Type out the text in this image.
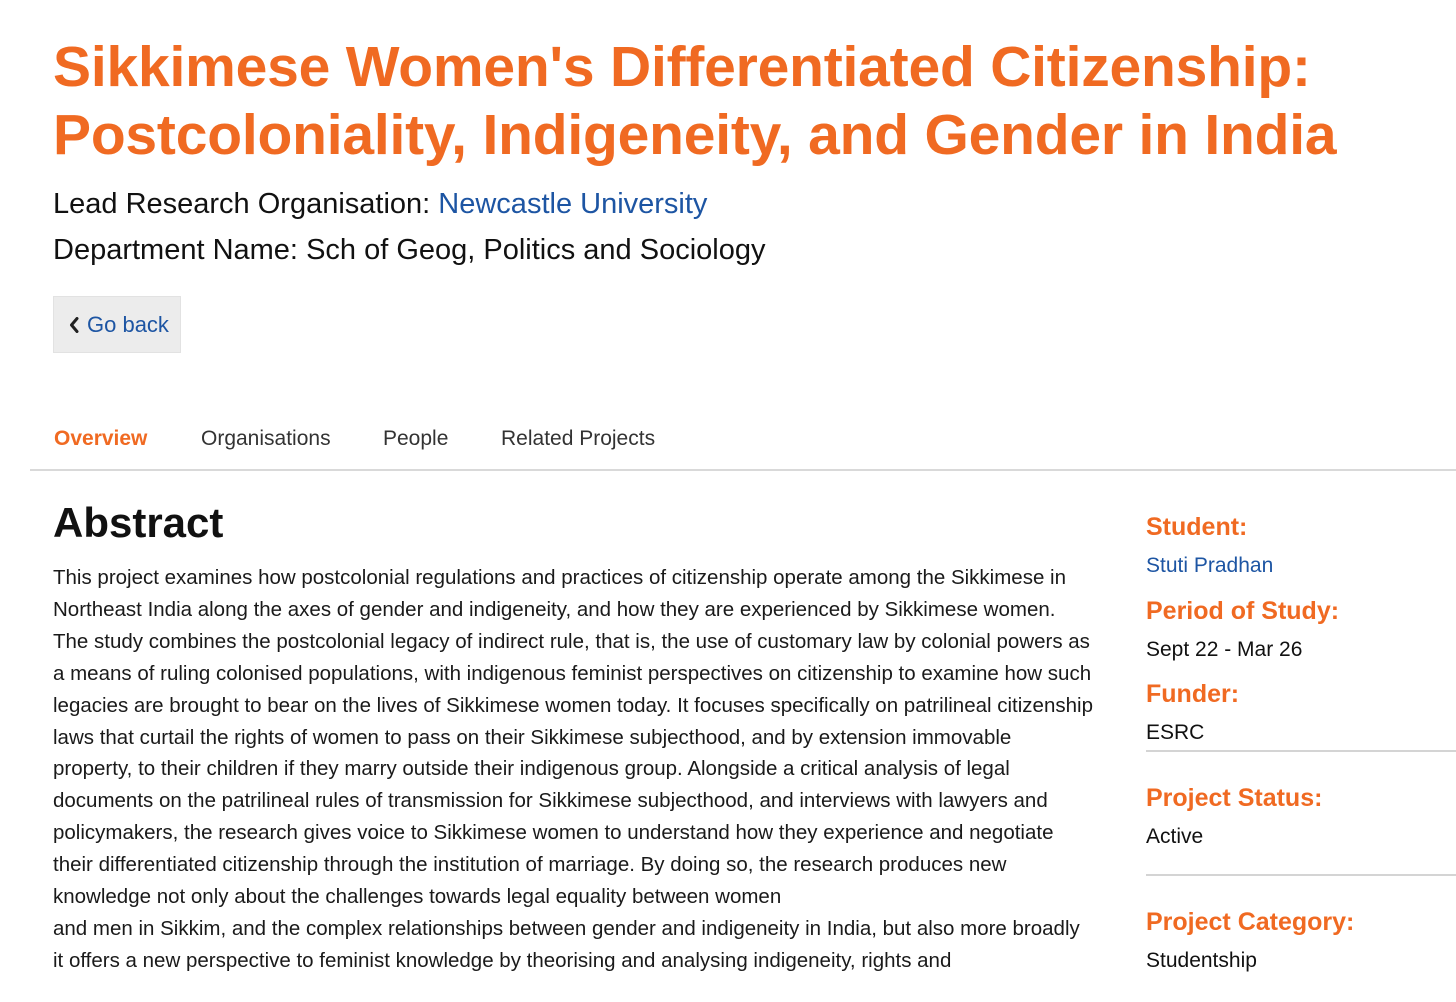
Sikkimese Women's Differentiated Citizenship: Postcoloniality, Indigeneity, and Gender in India
Lead Research Organisation: Newcastle University
Department Name: Sch of Geog, Politics and Sociology
Go back
Overview	Organisations People	Related Projects
Abstract

This project examines how postcolonial regulations and practices of citizenship operate among the Sikkimese in Northeast India along the axes of gender and indigeneity, and how they are experienced by Sikkimese women. The study combines the postcolonial legacy of indirect rule, that is, the use of customary law by colonial powers as a means of ruling colonised populations, with indigenous feminist perspectives on citizenship to examine how such legacies are brought to bear on the lives of Sikkimese women today. It focuses specifically on patrilineal citizenship laws that curtail the rights of women to pass on their Sikkimese subjecthood, and by extension immovable property, to their children if they marry outside their indigenous group. Alongside a critical analysis of legal documents on the patrilineal rules of transmission for Sikkimese subjecthood, and interviews with lawyers and policymakers, the research gives voice to Sikkimese women to understand how they experience and negotiate their differentiated citizenship through the institution of marriage. By doing so, the research produces new knowledge not only about the challenges towards legal equality between women

and men in Sikkim, and the complex relationships between gender and indigeneity in India, but also more broadly it offers a new perspective to feminist knowledge by theorising and analysing indigeneity, rights and

Student:
Stuti Pradhan
Period of Study:
Sept 22 - Mar 26
Funder:
ESRC
Project Status:
Active
Project Category:
Studentship
